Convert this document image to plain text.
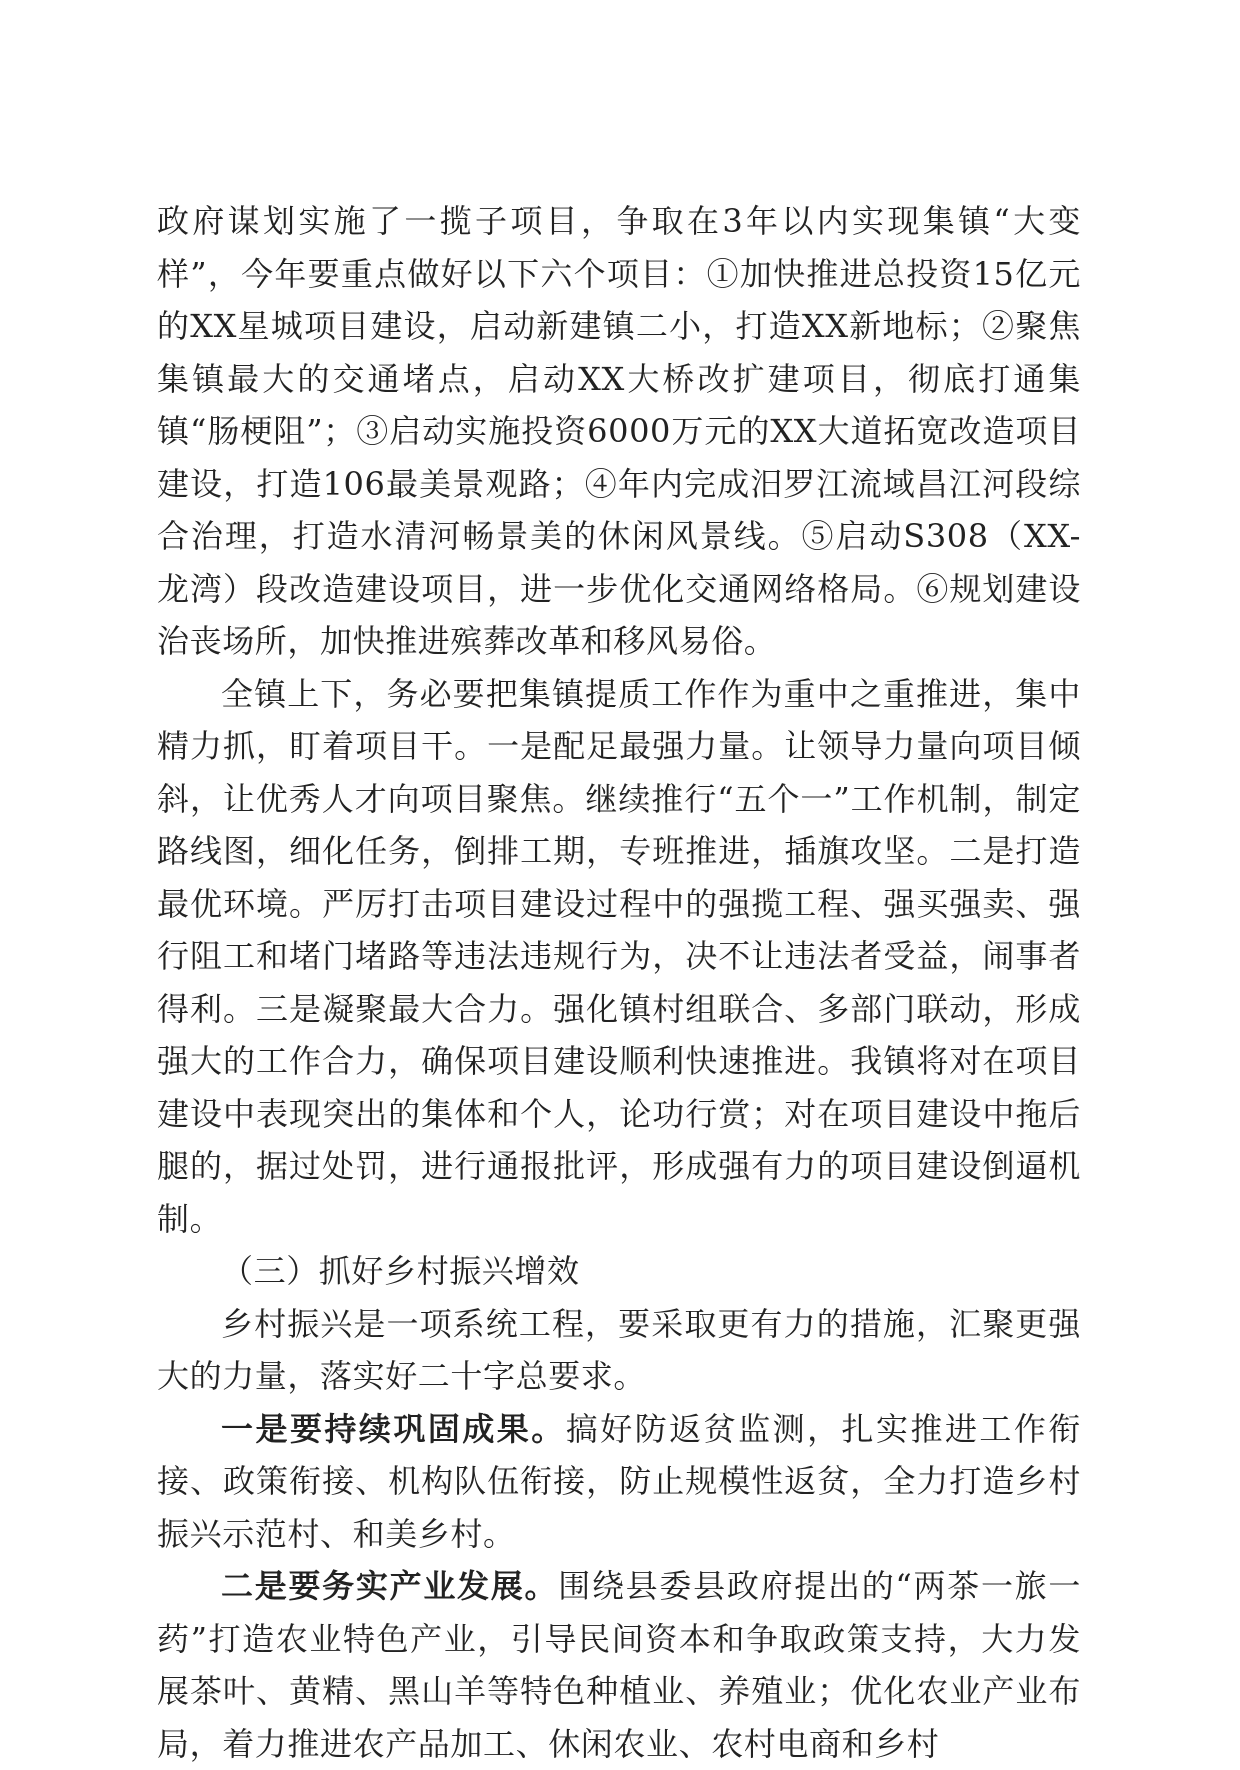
政府谋划实施了一揽子项目，争取在3年以内实现集镇“大变样”，今年要重点做好以下六个项目：①加快推进总投资15亿元的XX星城项目建设，启动新建镇二小，打造XX新地标；②聚焦集镇最大的交通堵点，启动XX大桥改扩建项目，彻底打通集镇“肠梗阻”；③启动实施投资6000万元的XX大道拓宽改造项目建设，打造106最美景观路；④年内完成汨罗江流域昌江河段综合治理，打造水清河畅景美的休闲风景线。⑤启动S308（XX-龙湾）段改造建设项目，进一步优化交通网络格局。⑥规划建设治丧场所，加快推进殡葬改革和移风易俗。

全镇上下，务必要把集镇提质工作作为重中之重推进，集中精力抓，盯着项目干。一是配足最强力量。让领导力量向项目倾斜，让优秀人才向项目聚焦。继续推行“五个一”工作机制，制定路线图，细化任务，倒排工期，专班推进，插旗攻坚。二是打造最优环境。严厉打击项目建设过程中的强揽工程、强买强卖、强行阻工和堵门堵路等违法违规行为，决不让违法者受益，闹事者得利。三是凝聚最大合力。强化镇村组联合、多部门联动，形成强大的工作合力，确保项目建设顺利快速推进。我镇将对在项目建设中表现突出的集体和个人，论功行赏；对在项目建设中拖后腿的，据过处罚，进行通报批评，形成强有力的项目建设倒逼机制。

（三）抓好乡村振兴增效

乡村振兴是一项系统工程，要采取更有力的措施，汇聚更强大的力量，落实好二十字总要求。

一是要持续巩固成果。搞好防返贫监测，扎实推进工作衔接、政策衔接、机构队伍衔接，防止规模性返贫，全力打造乡村振兴示范村、和美乡村。

二是要务实产业发展。围绕县委县政府提出的“两茶一旅一药”打造农业特色产业，引导民间资本和争取政策支持，大力发展茶叶、黄精、黑山羊等特色种植业、养殖业；优化农业产业布局，着力推进农产品加工、休闲农业、农村电商和乡村
